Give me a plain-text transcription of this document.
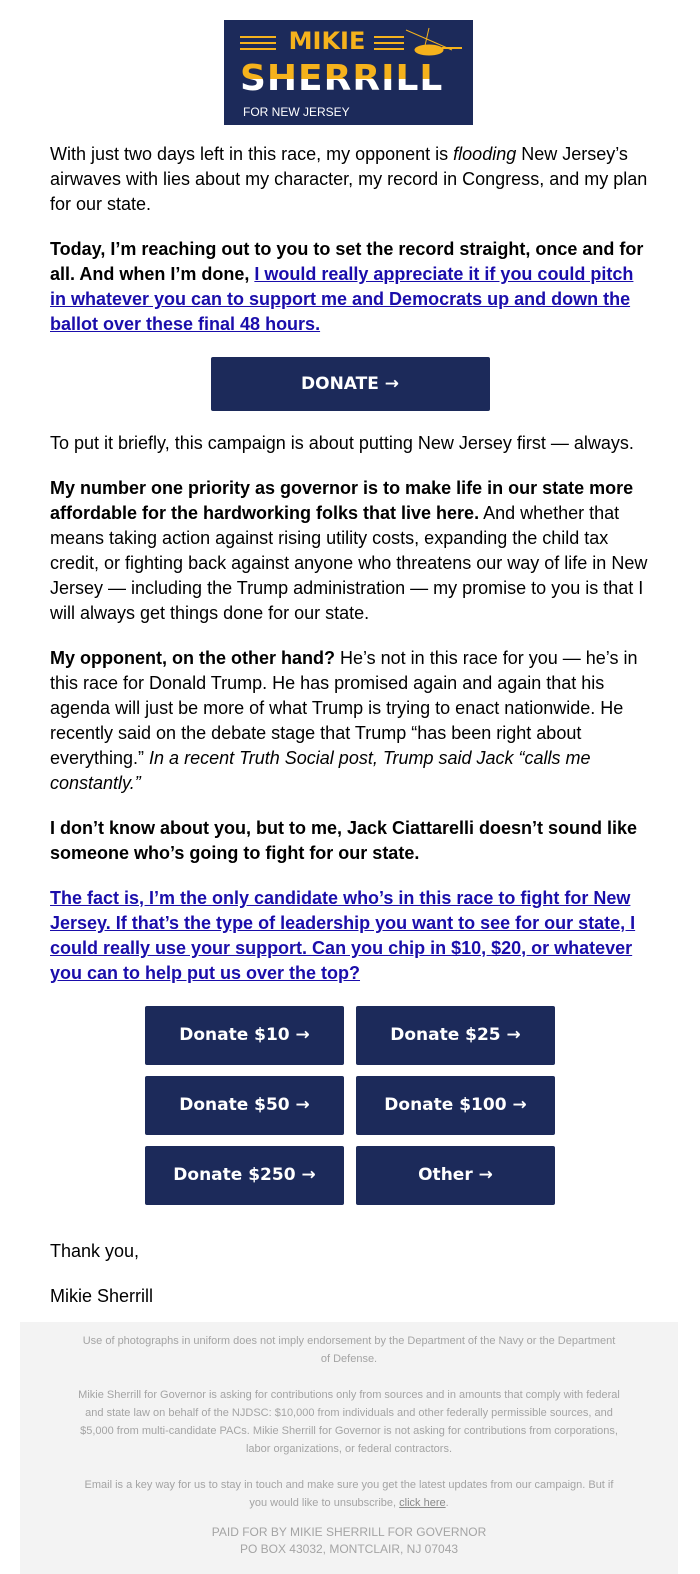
MIKIE
SHERRILL
FOR NEW JERSEY

With just two days left in this race, my opponent is flooding New Jersey’s airwaves with lies about my character, my record in Congress, and my plan for our state.

Today, I’m reaching out to you to set the record straight, once and for all. And when I’m done, I would really appreciate it if you could pitch in whatever you can to support me and Democrats up and down the ballot over these final 48 hours.

DONATE →

To put it briefly, this campaign is about putting New Jersey first — always.

My number one priority as governor is to make life in our state more affordable for the hardworking folks that live here. And whether that means taking action against rising utility costs, expanding the child tax credit, or fighting back against anyone who threatens our way of life in New Jersey — including the Trump administration — my promise to you is that I will always get things done for our state.

My opponent, on the other hand? He’s not in this race for you — he’s in this race for Donald Trump. He has promised again and again that his agenda will just be more of what Trump is trying to enact nationwide. He recently said on the debate stage that Trump “has been right about everything.” In a recent Truth Social post, Trump said Jack “calls me constantly.”

I don’t know about you, but to me, Jack Ciattarelli doesn’t sound like someone who’s going to fight for our state.

The fact is, I’m the only candidate who’s in this race to fight for New Jersey. If that’s the type of leadership you want to see for our state, I could really use your support. Can you chip in $10, $20, or whatever you can to help put us over the top?

Donate $10 →	Donate $25 →
Donate $50 →	Donate $100 →
Donate $250 →	Other →

Thank you,

Mikie Sherrill

Use of photographs in uniform does not imply endorsement by the Department of the Navy or the Department of Defense.

Mikie Sherrill for Governor is asking for contributions only from sources and in amounts that comply with federal and state law on behalf of the NJDSC: $10,000 from individuals and other federally permissible sources, and $5,000 from multi-candidate PACs. Mikie Sherrill for Governor is not asking for contributions from corporations, labor organizations, or federal contractors.

Email is a key way for us to stay in touch and make sure you get the latest updates from our campaign. But if you would like to unsubscribe, click here.

PAID FOR BY MIKIE SHERRILL FOR GOVERNOR
PO BOX 43032, MONTCLAIR, NJ 07043
